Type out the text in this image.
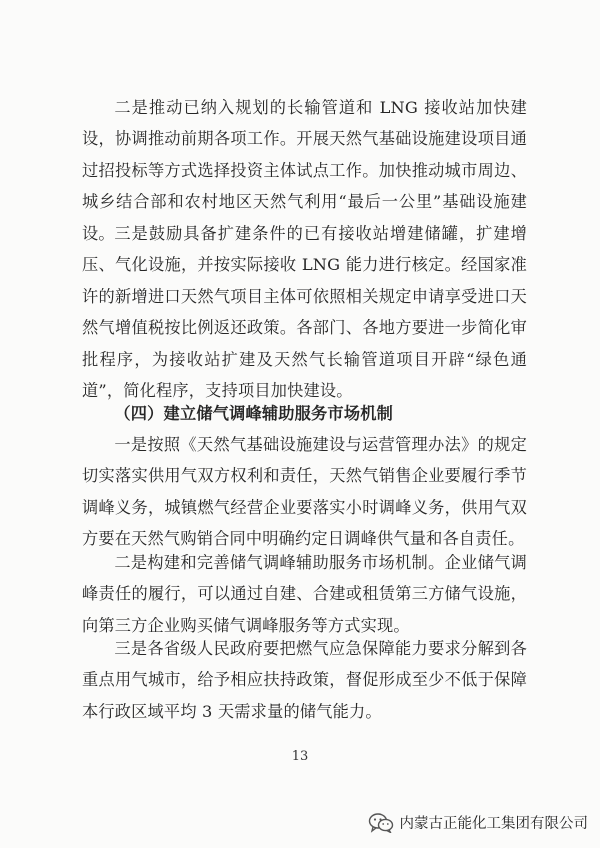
二是推动已纳入规划的长输管道和 LNG 接收站加快建设，协调推动前期各项工作。开展天然气基础设施建设项目通过招投标等方式选择投资主体试点工作。加快推动城市周边、城乡结合部和农村地区天然气利用“最后一公里”基础设施建设。 三是鼓励具备扩建条件的已有接收站增建储罐，扩建增压、气化设施，并按实际接收 LNG 能力进行核定。经国家准许的新增进口天然气项目主体可依照相关规定申请享受进口天然气增值税按比例返还政策。各部门、各地方要进一步简化审批程序，为接收站扩建及天然气长输管道项目开辟“绿色通道”，简化程序，支持项目加快建设。

（四）建立储气调峰辅助服务市场机制

一是按照《天然气基础设施建设与运营管理办法》的规定切实落实供用气双方权利和责任，天然气销售企业要履行季节调峰义务，城镇燃气经营企业要落实小时调峰义务，供用气双方要在天然气购销合同中明确约定日调峰供气量和各自责任。

二是构建和完善储气调峰辅助服务市场机制。企业储气调峰责任的履行，可以通过自建、合建或租赁第三方储气设施，向第三方企业购买储气调峰服务等方式实现。

三是各省级人民政府要把燃气应急保障能力要求分解到各重点用气城市，给予相应扶持政策，督促形成至少不低于保障本行政区域平均 3 天需求量的储气能力。

13
内蒙古正能化工集团有限公司
